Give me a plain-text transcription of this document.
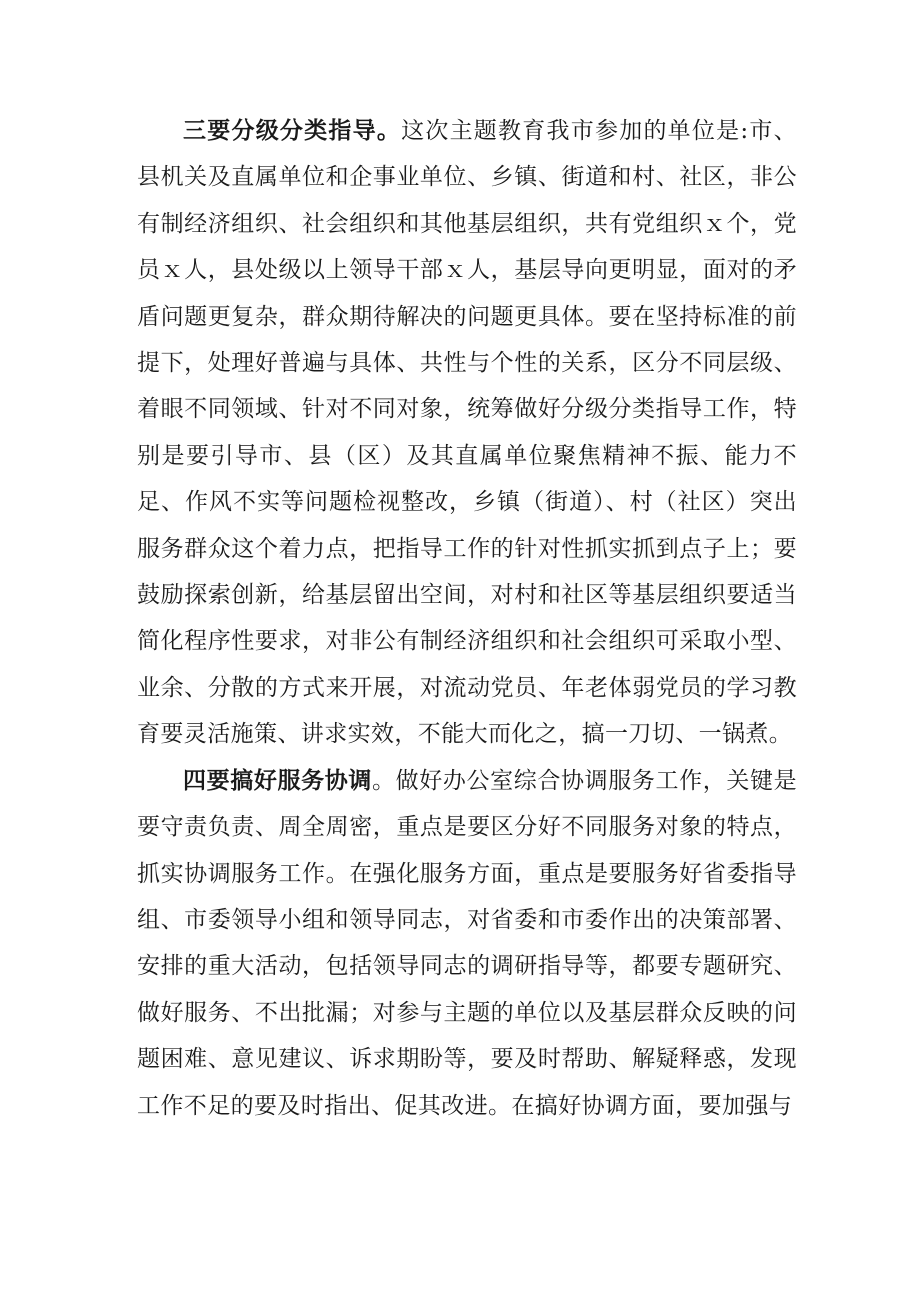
三要分级分类指导。这次主题教育我市参加的单位是:市、县机关及直属单位和企事业单位、乡镇、街道和村、社区，非公有制经济组织、社会组织和其他基层组织，共有党组织ｘ个，党员ｘ人，县处级以上领导干部ｘ人，基层导向更明显，面对的矛盾问题更复杂，群众期待解决的问题更具体。要在坚持标准的前提下，处理好普遍与具体、共性与个性的关系，区分不同层级、着眼不同领域、针对不同对象，统筹做好分级分类指导工作，特别是要引导市、县（区）及其直属单位聚焦精神不振、能力不足、作风不实等问题检视整改，乡镇（街道）、村（社区）突出服务群众这个着力点，把指导工作的针对性抓实抓到点子上；要鼓励探索创新，给基层留出空间，对村和社区等基层组织要适当简化程序性要求，对非公有制经济组织和社会组织可采取小型、业余、分散的方式来开展，对流动党员、年老体弱党员的学习教育要灵活施策、讲求实效，不能大而化之，搞一刀切、一锅煮。

四要搞好服务协调。做好办公室综合协调服务工作，关键是要守责负责、周全周密，重点是要区分好不同服务对象的特点，抓实协调服务工作。在强化服务方面，重点是要服务好省委指导组、市委领导小组和领导同志，对省委和市委作出的决策部署、安排的重大活动，包括领导同志的调研指导等，都要专题研究、做好服务、不出批漏；对参与主题的单位以及基层群众反映的问题困难、意见建议、诉求期盼等，要及时帮助、解疑释惑，发现工作不足的要及时指出、促其改进。在搞好协调方面，要加强与
